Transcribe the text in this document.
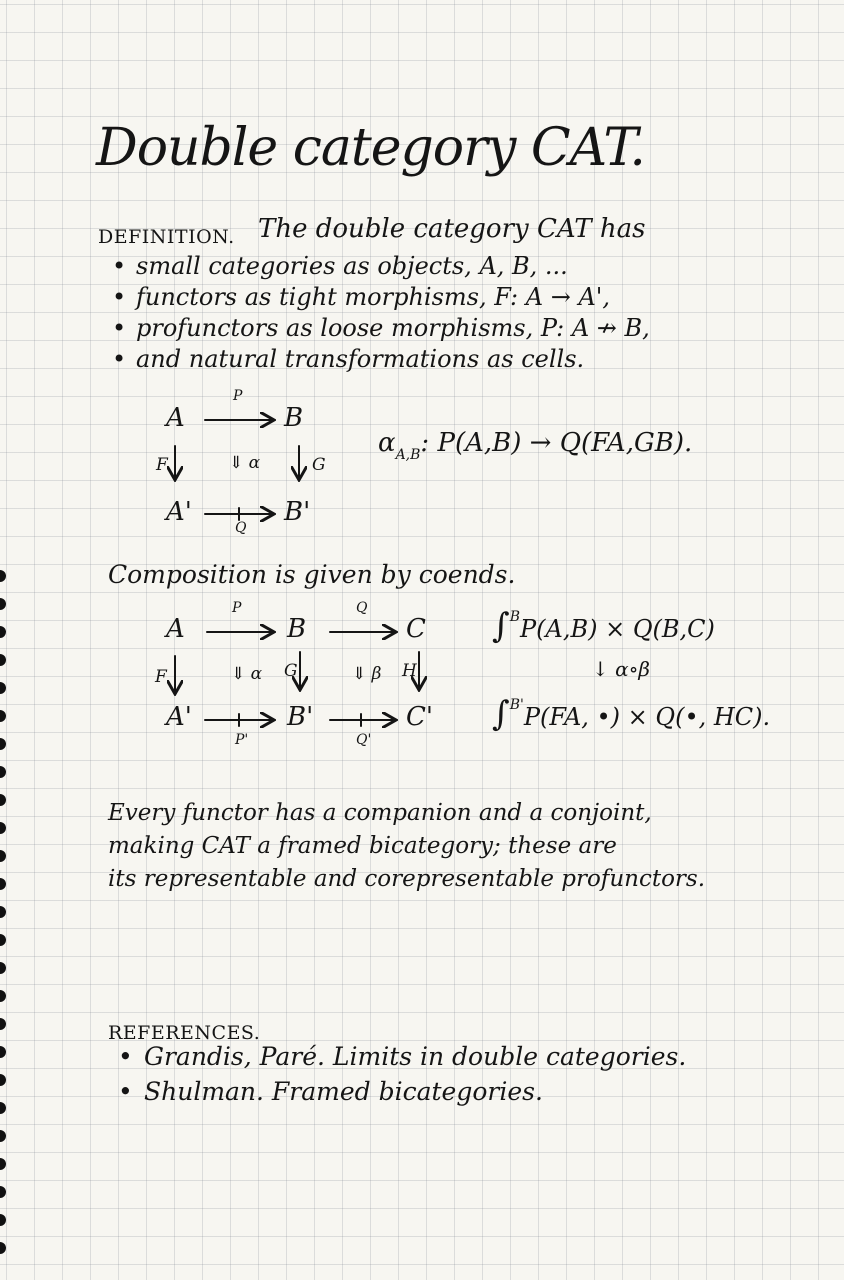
Double category CAT.
DEFINITION. The double category CAT has
• small categories as objects, A, B, ...
• functors as tight morphisms, F: A → A',
• profunctors as loose morphisms, P: A ↛ B,
• and natural transformations as cells.
A	B
A'	B'
P
Q
F	G
⇓ α
αA,B: P(A,B) → Q(FA,GB).
Composition is given by coends.
A	B	C
A'	B'	C'
P	Q
P'	Q'
F	G	H
⇓ α	⇓ β
∫BP(A,B) × Q(B,C)
↓ α∘β
∫B'P(FA, •) × Q(•, HC).
Every functor has a companion and a conjoint,
making CAT a framed bicategory; these are
its representable and corepresentable profunctors.
REFERENCES.
• Grandis, Paré. Limits in double categories.
• Shulman. Framed bicategories.
